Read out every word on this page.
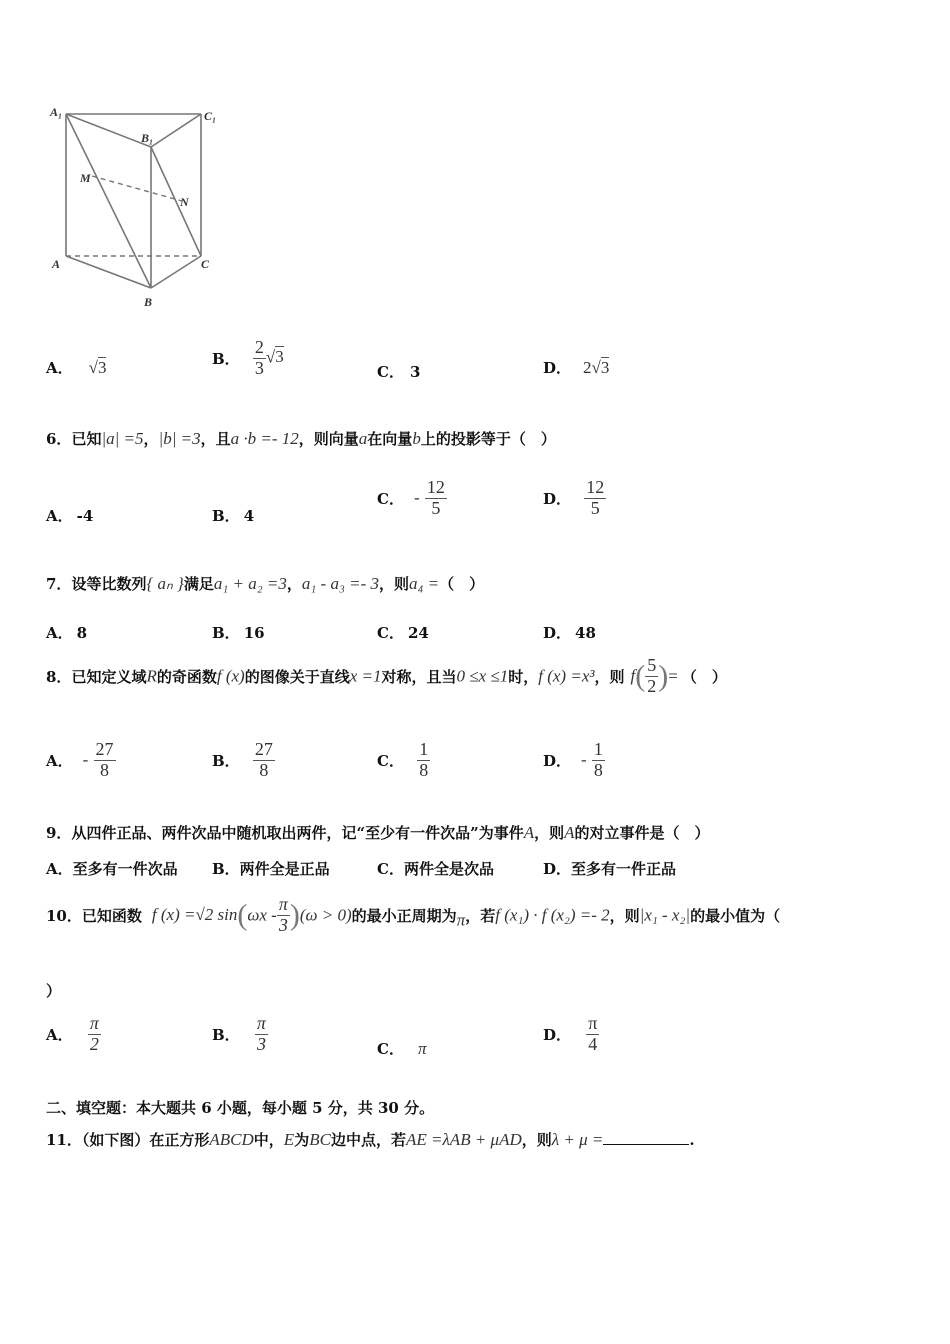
A₁
B₁
C₁
M
N
A
B
C
A． √3	B． $\frac{2}{3} √3$
C． 3	D． 2√3
6．已知|a| =5，|b| =3，且a ·b =- 12，则向量a在向量b上的投影等于（　）
A． -4	B． 4
C． - $\frac{12}{5}$	D． $\frac{12}{5}$
7．设等比数列{ aₙ }满足a₁ + a₂ =3，a₁ - a₃ =- 3，则a₄ =（　）
A． 8	B． 16	C． 24	D． 48
8．已知定义域R的奇函数f (x)的图像关于直线x =1对称，且当0 ≤x ≤1时，f (x) =x³，则 $f( \frac{5}{2}$ )= （　）
A． - $\frac{27}{8}$	B． $\frac{27}{8}$	C． $\frac{1}{8}$	D． - $\frac{1}{8}$
9．从四件正品、两件次品中随机取出两件，记“至少有一件次品”为事件A，则A的对立事件是（　）
A．至多有一件次品 B．两件全是正品	C．两件全是次品	D．至多有一件正品
10．已知函数 f (x) =√2 $\sin(\omega x - \frac{\pi}{3} )(\omega > 0)$的最小正周期为π，若f (x₁) · f (x₂) =- 2，则|x₁ - x₂|的最小值为（
）
A． $\frac{\pi}{2}$	B． $\frac{\pi}{3}$	C． π
D． $\frac{\pi}{4}$
二、填空题：本大题共 6 小题，每小题 5 分，共 30 分。
11．（如下图）在正方形ABCD中，E为BC边中点，若AE =λAB + μAD，则λ + μ =	.
